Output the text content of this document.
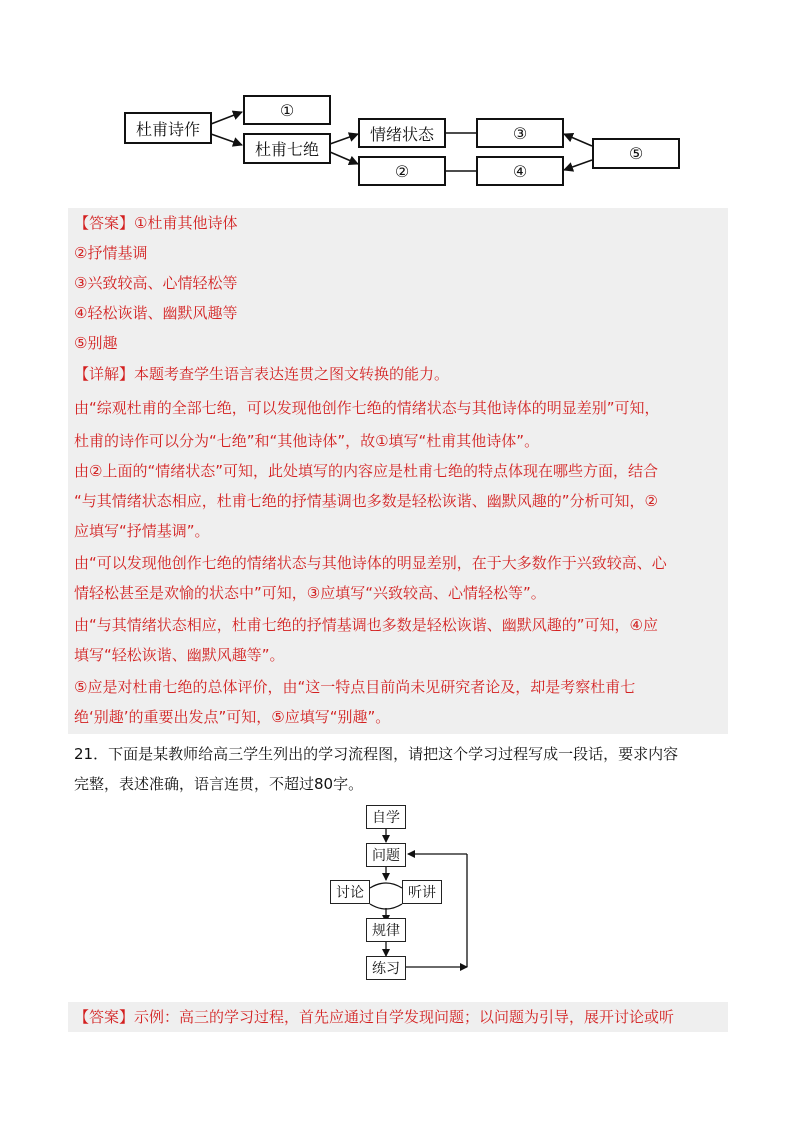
杜甫诗作
①
杜甫七绝
情绪状态	③
②	④
⑤
【答案】①杜甫其他诗体
②抒情基调
③兴致较高、心情轻松等
④轻松诙谐、幽默风趣等
⑤别趣
【详解】本题考查学生语言表达连贯之图文转换的能力。
由“综观杜甫的全部七绝，可以发现他创作七绝的情绪状态与其他诗体的明显差别”可知，
杜甫的诗作可以分为“七绝”和“其他诗体”，故①填写“杜甫其他诗体”。
由②上面的“情绪状态”可知，此处填写的内容应是杜甫七绝的特点体现在哪些方面，结合
“与其情绪状态相应，杜甫七绝的抒情基调也多数是轻松诙谐、幽默风趣的”分析可知，②
应填写“抒情基调”。
由“可以发现他创作七绝的情绪状态与其他诗体的明显差别，在于大多数作于兴致较高、心
情轻松甚至是欢愉的状态中”可知，③应填写“兴致较高、心情轻松等”。
由“与其情绪状态相应，杜甫七绝的抒情基调也多数是轻松诙谐、幽默风趣的”可知，④应
填写“轻松诙谐、幽默风趣等”。
⑤应是对杜甫七绝的总体评价，由“这一特点目前尚未见研究者论及，却是考察杜甫七
绝‘别趣’的重要出发点”可知，⑤应填写“别趣”。
21．下面是某教师给高三学生列出的学习流程图，请把这个学习过程写成一段话，要求内容
完整，表述准确，语言连贯，不超过80字。
自学
问题
讨论	听讲
规律
练习
【答案】示例：高三的学习过程，首先应通过自学发现问题；以问题为引导，展开讨论或听
